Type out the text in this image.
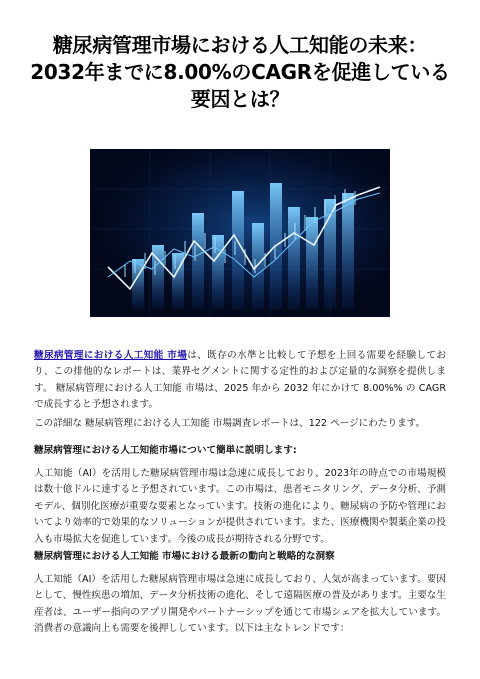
糖尿病管理市場における人工知能の未来：2032年までに8.00%のCAGRを促進している要因とは？

糖尿病管理における人工知能 市場は、既存の水準と比較して予想を上回る需要を経験しており、この排他的なレポートは、業界セグメントに関する定性的および定量的な洞察を提供します。 糖尿病管理における人工知能 市場は、2025 年から 2032 年にかけて 8.00%% の CAGR で成長すると予想されます。

この詳細な 糖尿病管理における人工知能 市場調査レポートは、122 ページにわたります。

糖尿病管理における人工知能市場について簡単に説明します:

人工知能（AI）を活用した糖尿病管理市場は急速に成長しており、2023年の時点での市場規模は数十億ドルに達すると予想されています。この市場は、患者モニタリング、データ分析、予測モデル、個別化医療が重要な要素となっています。技術の進化により、糖尿病の予防や管理においてより効率的で効果的なソリューションが提供されています。また、医療機関や製薬企業の投入も市場拡大を促進しています。今後の成長が期待される分野です。

糖尿病管理における人工知能 市場における最新の動向と戦略的な洞察

人工知能（AI）を活用した糖尿病管理市場は急速に成長しており、人気が高まっています。要因として、慢性疾患の増加、データ分析技術の進化、そして遠隔医療の普及があります。主要な生産者は、ユーザー指向のアプリ開発やパートナーシップを通じて市場シェアを拡大しています。消費者の意識向上も需要を後押ししています。以下は主なトレンドです：
